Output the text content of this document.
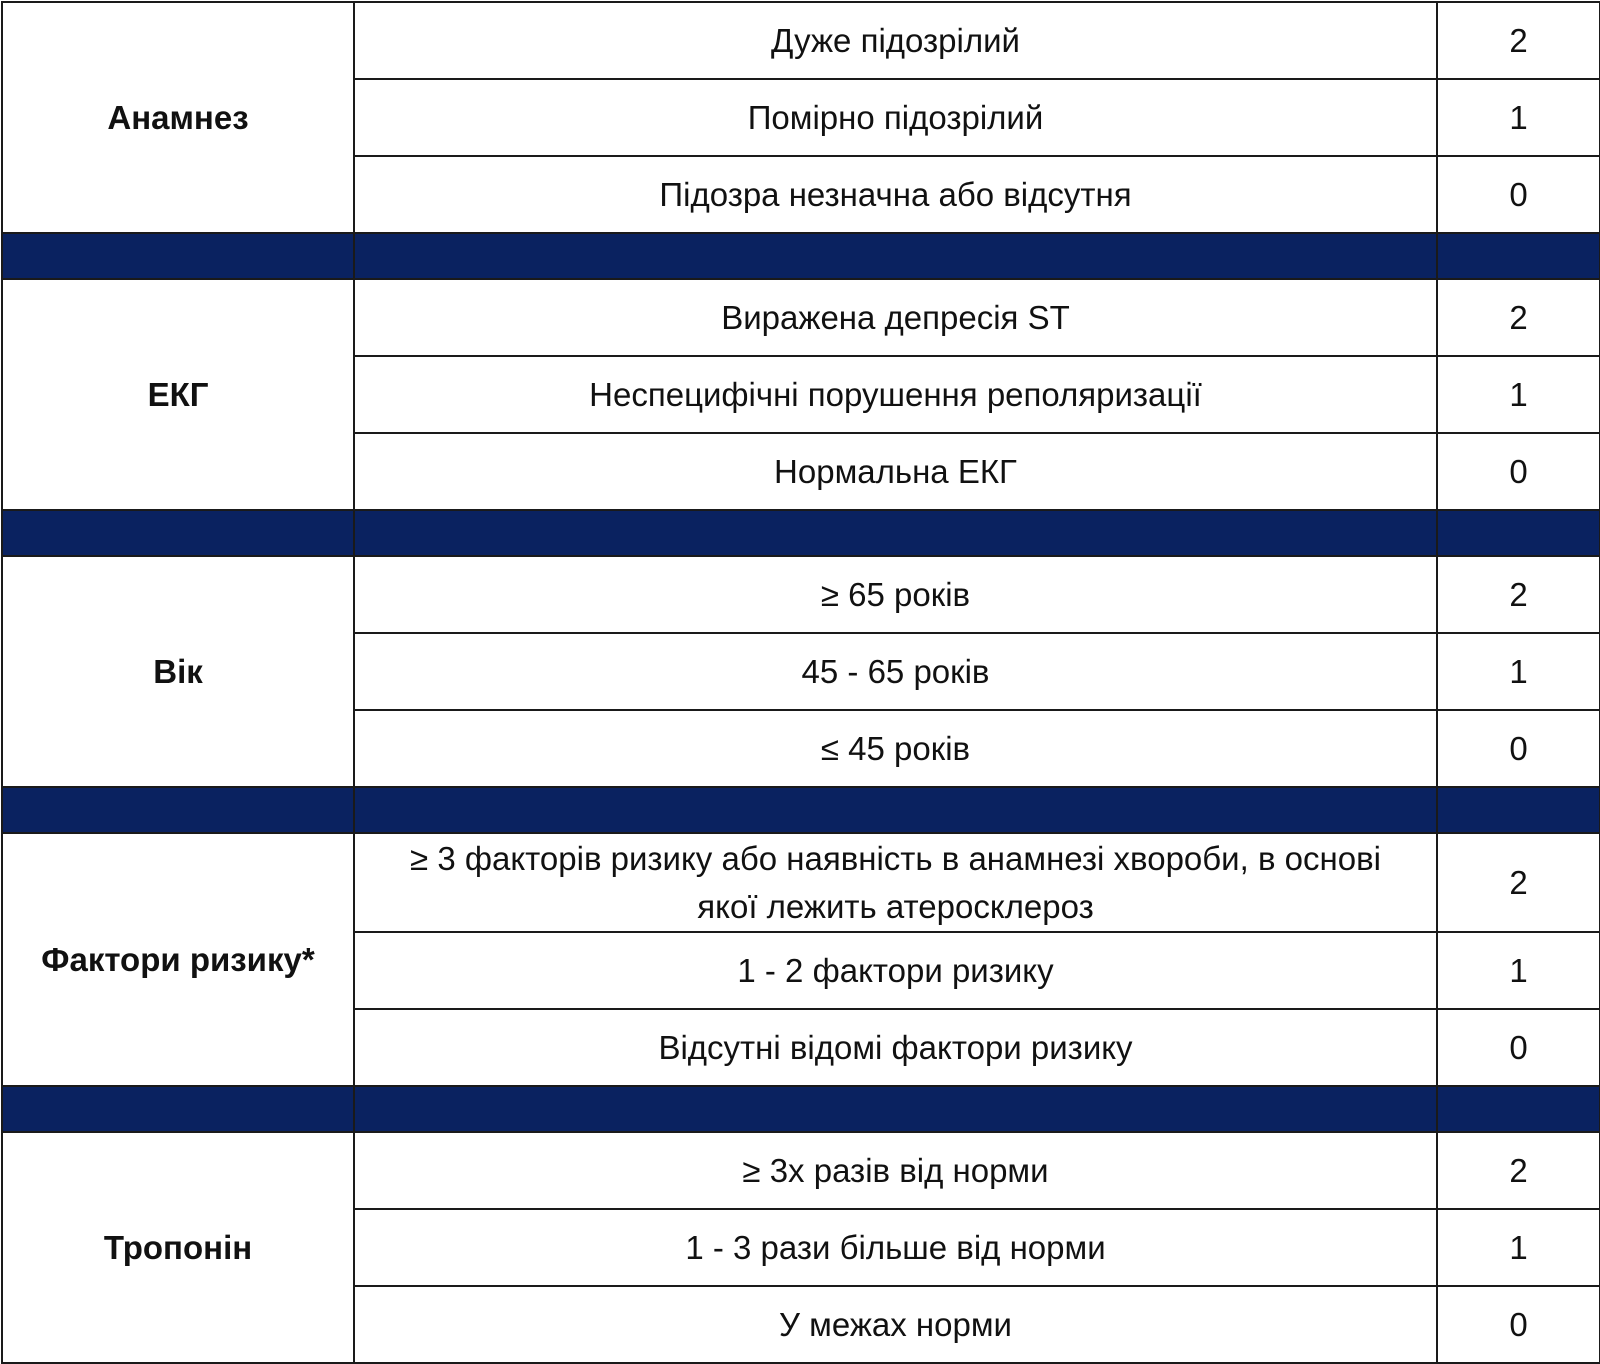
Анамнез	Дуже підозрілий	2
	Помірно підозрілий	1
	Підозра незначна або відсутня	0

ЕКГ	Виражена депресія ST	2
	Неспецифічні порушення реполяризації	1
	Нормальна ЕКГ	0

Вік	≥ 65 років	2
	45 - 65 років	1
	≤ 45 років	0

Фактори ризику*	≥ 3 факторів ризику або наявність в анамнезі хвороби, в основі якої лежить атеросклероз	2
	1 - 2 фактори ризику	1
	Відсутні відомі фактори ризику	0

Тропонін	≥ 3х разів від норми	2
	1 - 3 рази більше від норми	1
	У межах норми	0
